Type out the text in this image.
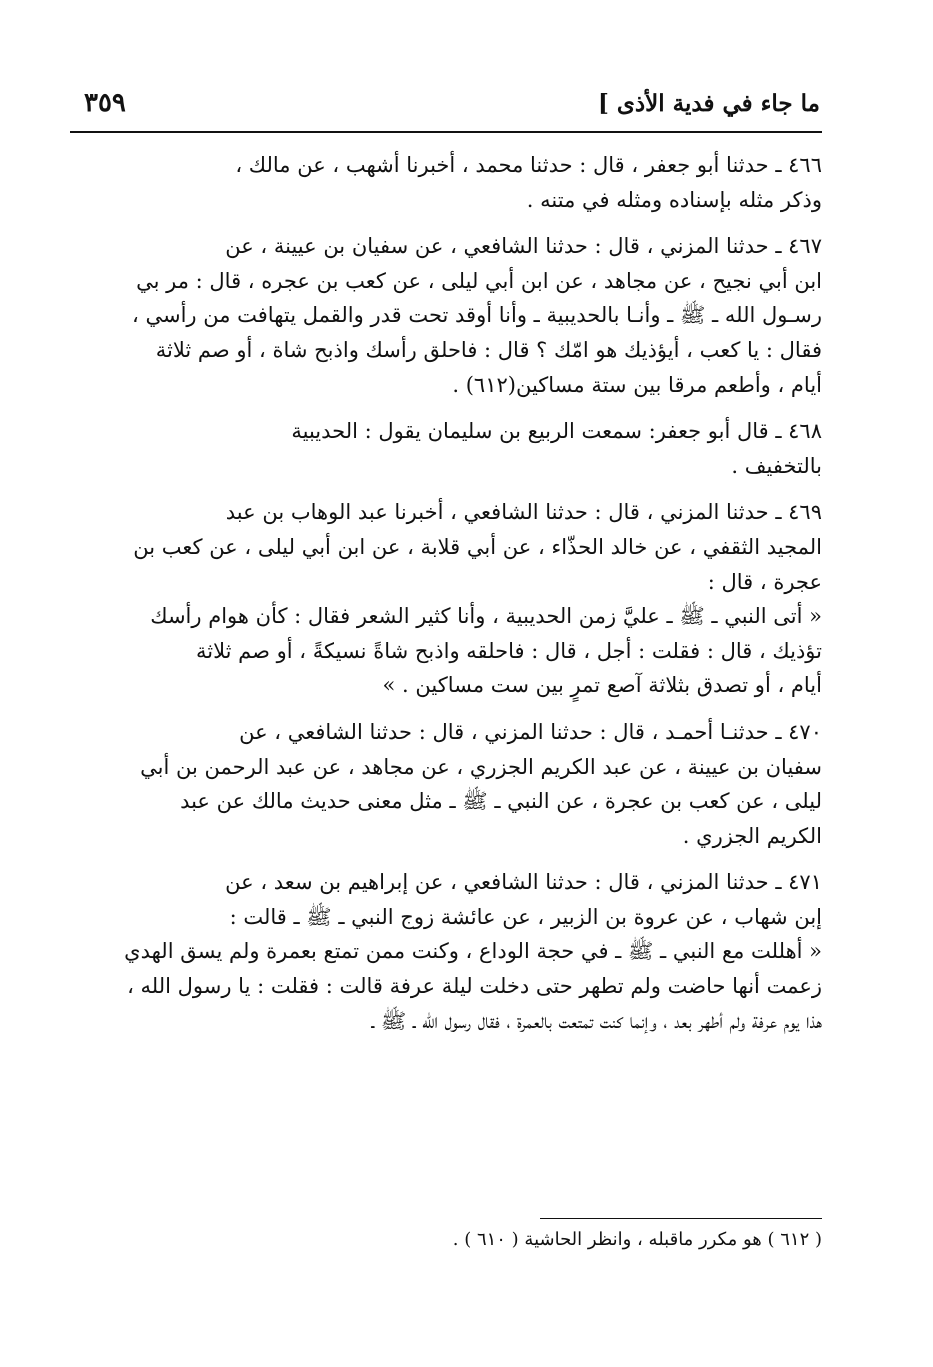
ما جاء في فدية الأذى ]
٣٥٩

٤٦٦ ـ حدثنا أبو جعفر ، قال : حدثنا محمد ، أخبرنا أشهب ، عن مالك ،
وذكر مثله بإسناده ومثله في متنه .

٤٦٧ ـ حدثنا المزني ، قال : حدثنا الشافعي ، عن سفيان بن عيينة ، عن
ابن أبي نجيح ، عن مجاهد ، عن ابن أبي ليلى ، عن كعب بن عجره ، قال : مر بي
رسـول الله ـ ﷺ ـ وأنـا بالحديبية ـ وأنا أوقد تحت قدر والقمل يتهافت من رأسي ،
فقال : يا كعب ، أيؤذيك هو امّك ؟ قال : فاحلق رأسك واذبح شاة ، أو صم ثلاثة
أيام ، وأطعم مرقا بين ستة مساكين(٦١٢) .

٤٦٨ ـ قال أبو جعفر: سمعت الربيع بن سليمان يقول : الحديبية
بالتخفيف .

٤٦٩ ـ حدثنا المزني ، قال : حدثنا الشافعي ، أخبرنا عبد الوهاب بن عبد
المجيد الثقفي ، عن خالد الحذّاء ، عن أبي قلابة ، عن ابن أبي ليلى ، عن كعب بن
عجرة ، قال :
« أتى النبي ـ ﷺ ـ عليَّ زمن الحديبية ، وأنا كثير الشعر فقال : كأن هوام رأسك
تؤذيك ، قال : فقلت : أجل ، قال : فاحلقه واذبح شاةً نسيكةً ، أو صم ثلاثة
أيام ، أو تصدق بثلاثة آصع تمرٍ بين ست مساكين . »

٤٧٠ ـ حدثنـا أحمـد ، قال : حدثنا المزني ، قال : حدثنا الشافعي ، عن
سفيان بن عيينة ، عن عبد الكريم الجزري ، عن مجاهد ، عن عبد الرحمن بن أبي
ليلى ، عن كعب بن عجرة ، عن النبي ـ ﷺ ـ مثل معنى حديث مالك عن عبد
الكريم الجزري .

٤٧١ ـ حدثنا المزني ، قال : حدثنا الشافعي ، عن إبراهيم بن سعد ، عن
إبن شهاب ، عن عروة بن الزبير ، عن عائشة زوج النبي ـ ﷺ ـ قالت :
« أهللت مع النبي ـ ﷺ ـ في حجة الوداع ، وكنت ممن تمتع بعمرة ولم يسق الهدي
زعمت أنها حاضت ولم تطهر حتى دخلت ليلة عرفة قالت : فقلت : يا رسول الله ،
هذا يوم عرفة ولم أطهر بعد ، وإنما كنت تمتعت بالعمرة ، فقال رسول الله ـ ﷺ ـ

( ٦١٢ ) هو مكرر ماقبله ، وانظر الحاشية ( ٦١٠ ) .
